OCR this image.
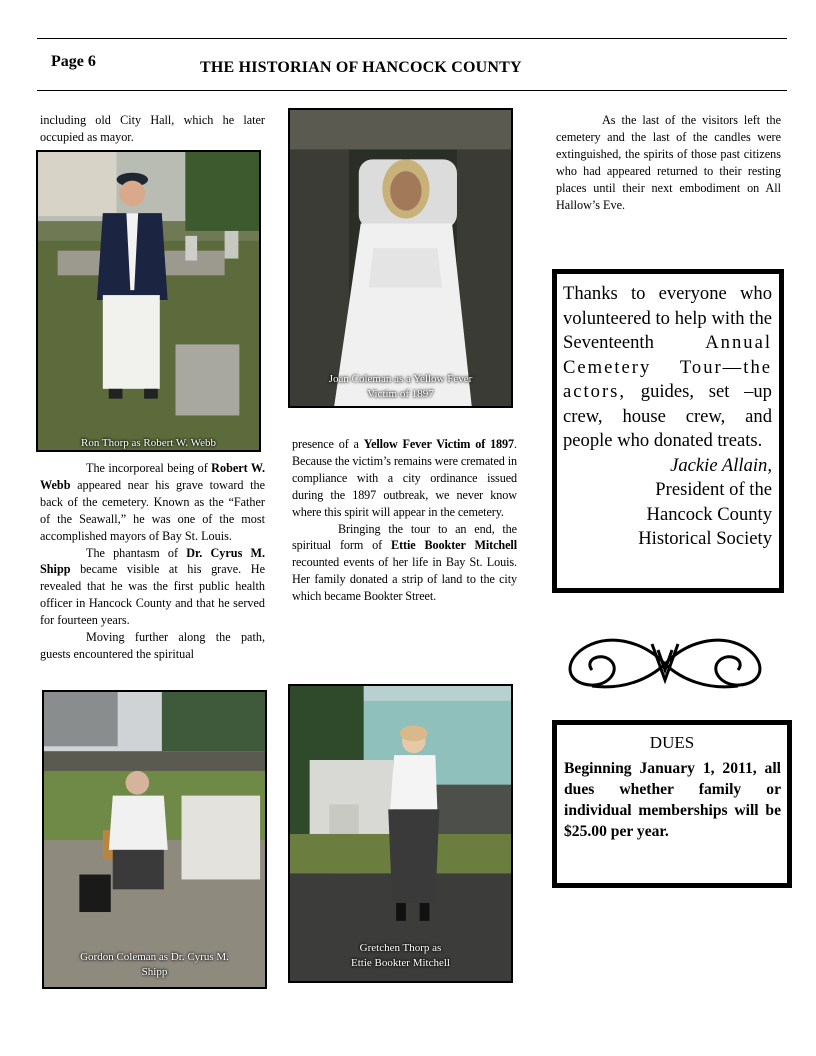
Page 6	THE HISTORIAN OF HANCOCK COUNTY

including old City Hall, which he later occupied as mayor.

Ron Thorp as Robert W. Webb

The incorporeal being of Robert W. Webb appeared near his grave toward the back of the cemetery. Known as the “Father of the Seawall,” he was one of the most accomplished mayors of Bay St. Louis.

The phantasm of Dr. Cyrus M. Shipp became visible at his grave. He revealed that he was the first public health officer in Hancock County and that he served for fourteen years.

Moving further along the path, guests encountered the spiritual

Gordon Coleman as Dr. Cyrus M.
Shipp
Joan Coleman as a Yellow Fever
Victim of 1897

presence of a Yellow Fever Victim of 1897. Because the victim’s remains were cremated in compliance with a city ordinance issued during the 1897 outbreak, we never know where this spirit will appear in the cemetery.

Bringing the tour to an end, the spiritual form of Ettie Bookter Mitchell recounted events of her life in Bay St. Louis. Her family donated a strip of land to the city which became Bookter Street.

Gretchen Thorp as
Ettie Bookter Mitchell

As the last of the visitors left the cemetery and the last of the candles were extinguished, the spirits of those past citizens who had appeared returned to their resting places until their next embodiment on All Hallow’s Eve.

Thanks to everyone who volunteered to help with the Seventeenth	Annual Cemetery Tour—the actors, guides, set –up crew, house crew, and people who donated treats.
Jackie Allain,
President of the
Hancock County
Historical Society
DUES
Beginning January 1, 2011, all dues whether family or individual memberships will be $25.00 per year.
